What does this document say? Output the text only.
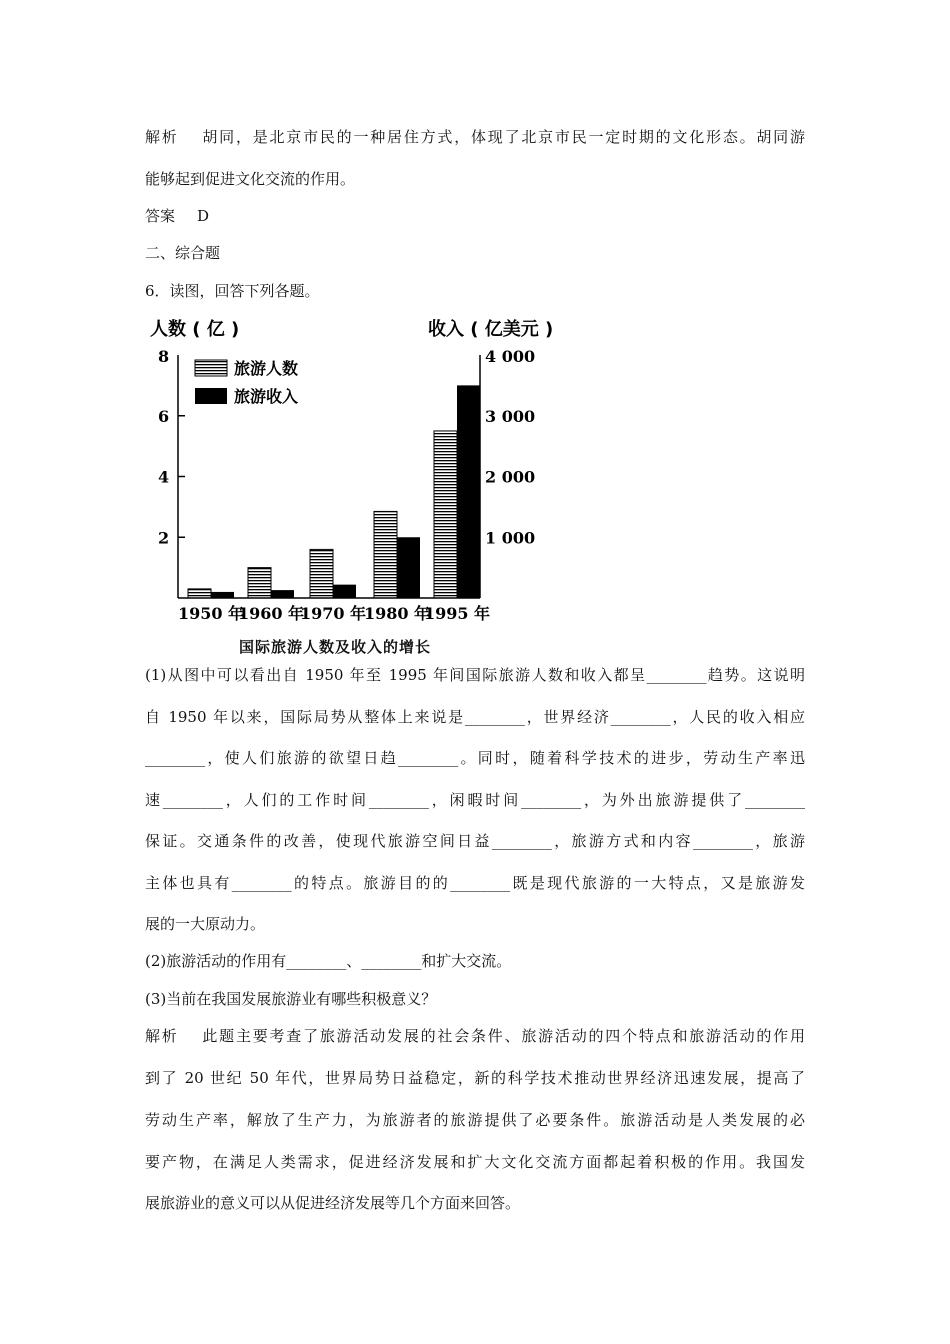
解析 胡同，是北京市民的一种居住方式，体现了北京市民一定时期的文化形态。胡同游
能够起到促进文化交流的作用。
答案 D
二、综合题
6．读图，回答下列各题。
人数 ( 亿 )	收入 ( 亿美元 )
8	4 000
2
4
6
1 000
2 000
3 000
旅游人数
旅游收入
1950 年
1960 年
1970 年
1980 年
1995 年
国际旅游人数及收入的增长
(1)从图中可以看出自 1950 年至 1995 年间国际旅游人数和收入都呈________趋势。这说明
自 1950 年以来，国际局势从整体上来说是________，世界经济________，人民的收入相应
________，使人们旅游的欲望日趋________。同时，随着科学技术的进步，劳动生产率迅
速________，人们的工作时间________，闲暇时间________，为外出旅游提供了________
保证。交通条件的改善，使现代旅游空间日益________，旅游方式和内容________，旅游
主体也具有________的特点。旅游目的的________既是现代旅游的一大特点，又是旅游发
展的一大原动力。
(2)旅游活动的作用有________、________和扩大交流。
(3)当前在我国发展旅游业有哪些积极意义？
解析 此题主要考查了旅游活动发展的社会条件、旅游活动的四个特点和旅游活动的作用
到了 20 世纪 50 年代，世界局势日益稳定，新的科学技术推动世界经济迅速发展，提高了
劳动生产率，解放了生产力，为旅游者的旅游提供了必要条件。旅游活动是人类发展的必
要产物，在满足人类需求，促进经济发展和扩大文化交流方面都起着积极的作用。我国发
展旅游业的意义可以从促进经济发展等几个方面来回答。
